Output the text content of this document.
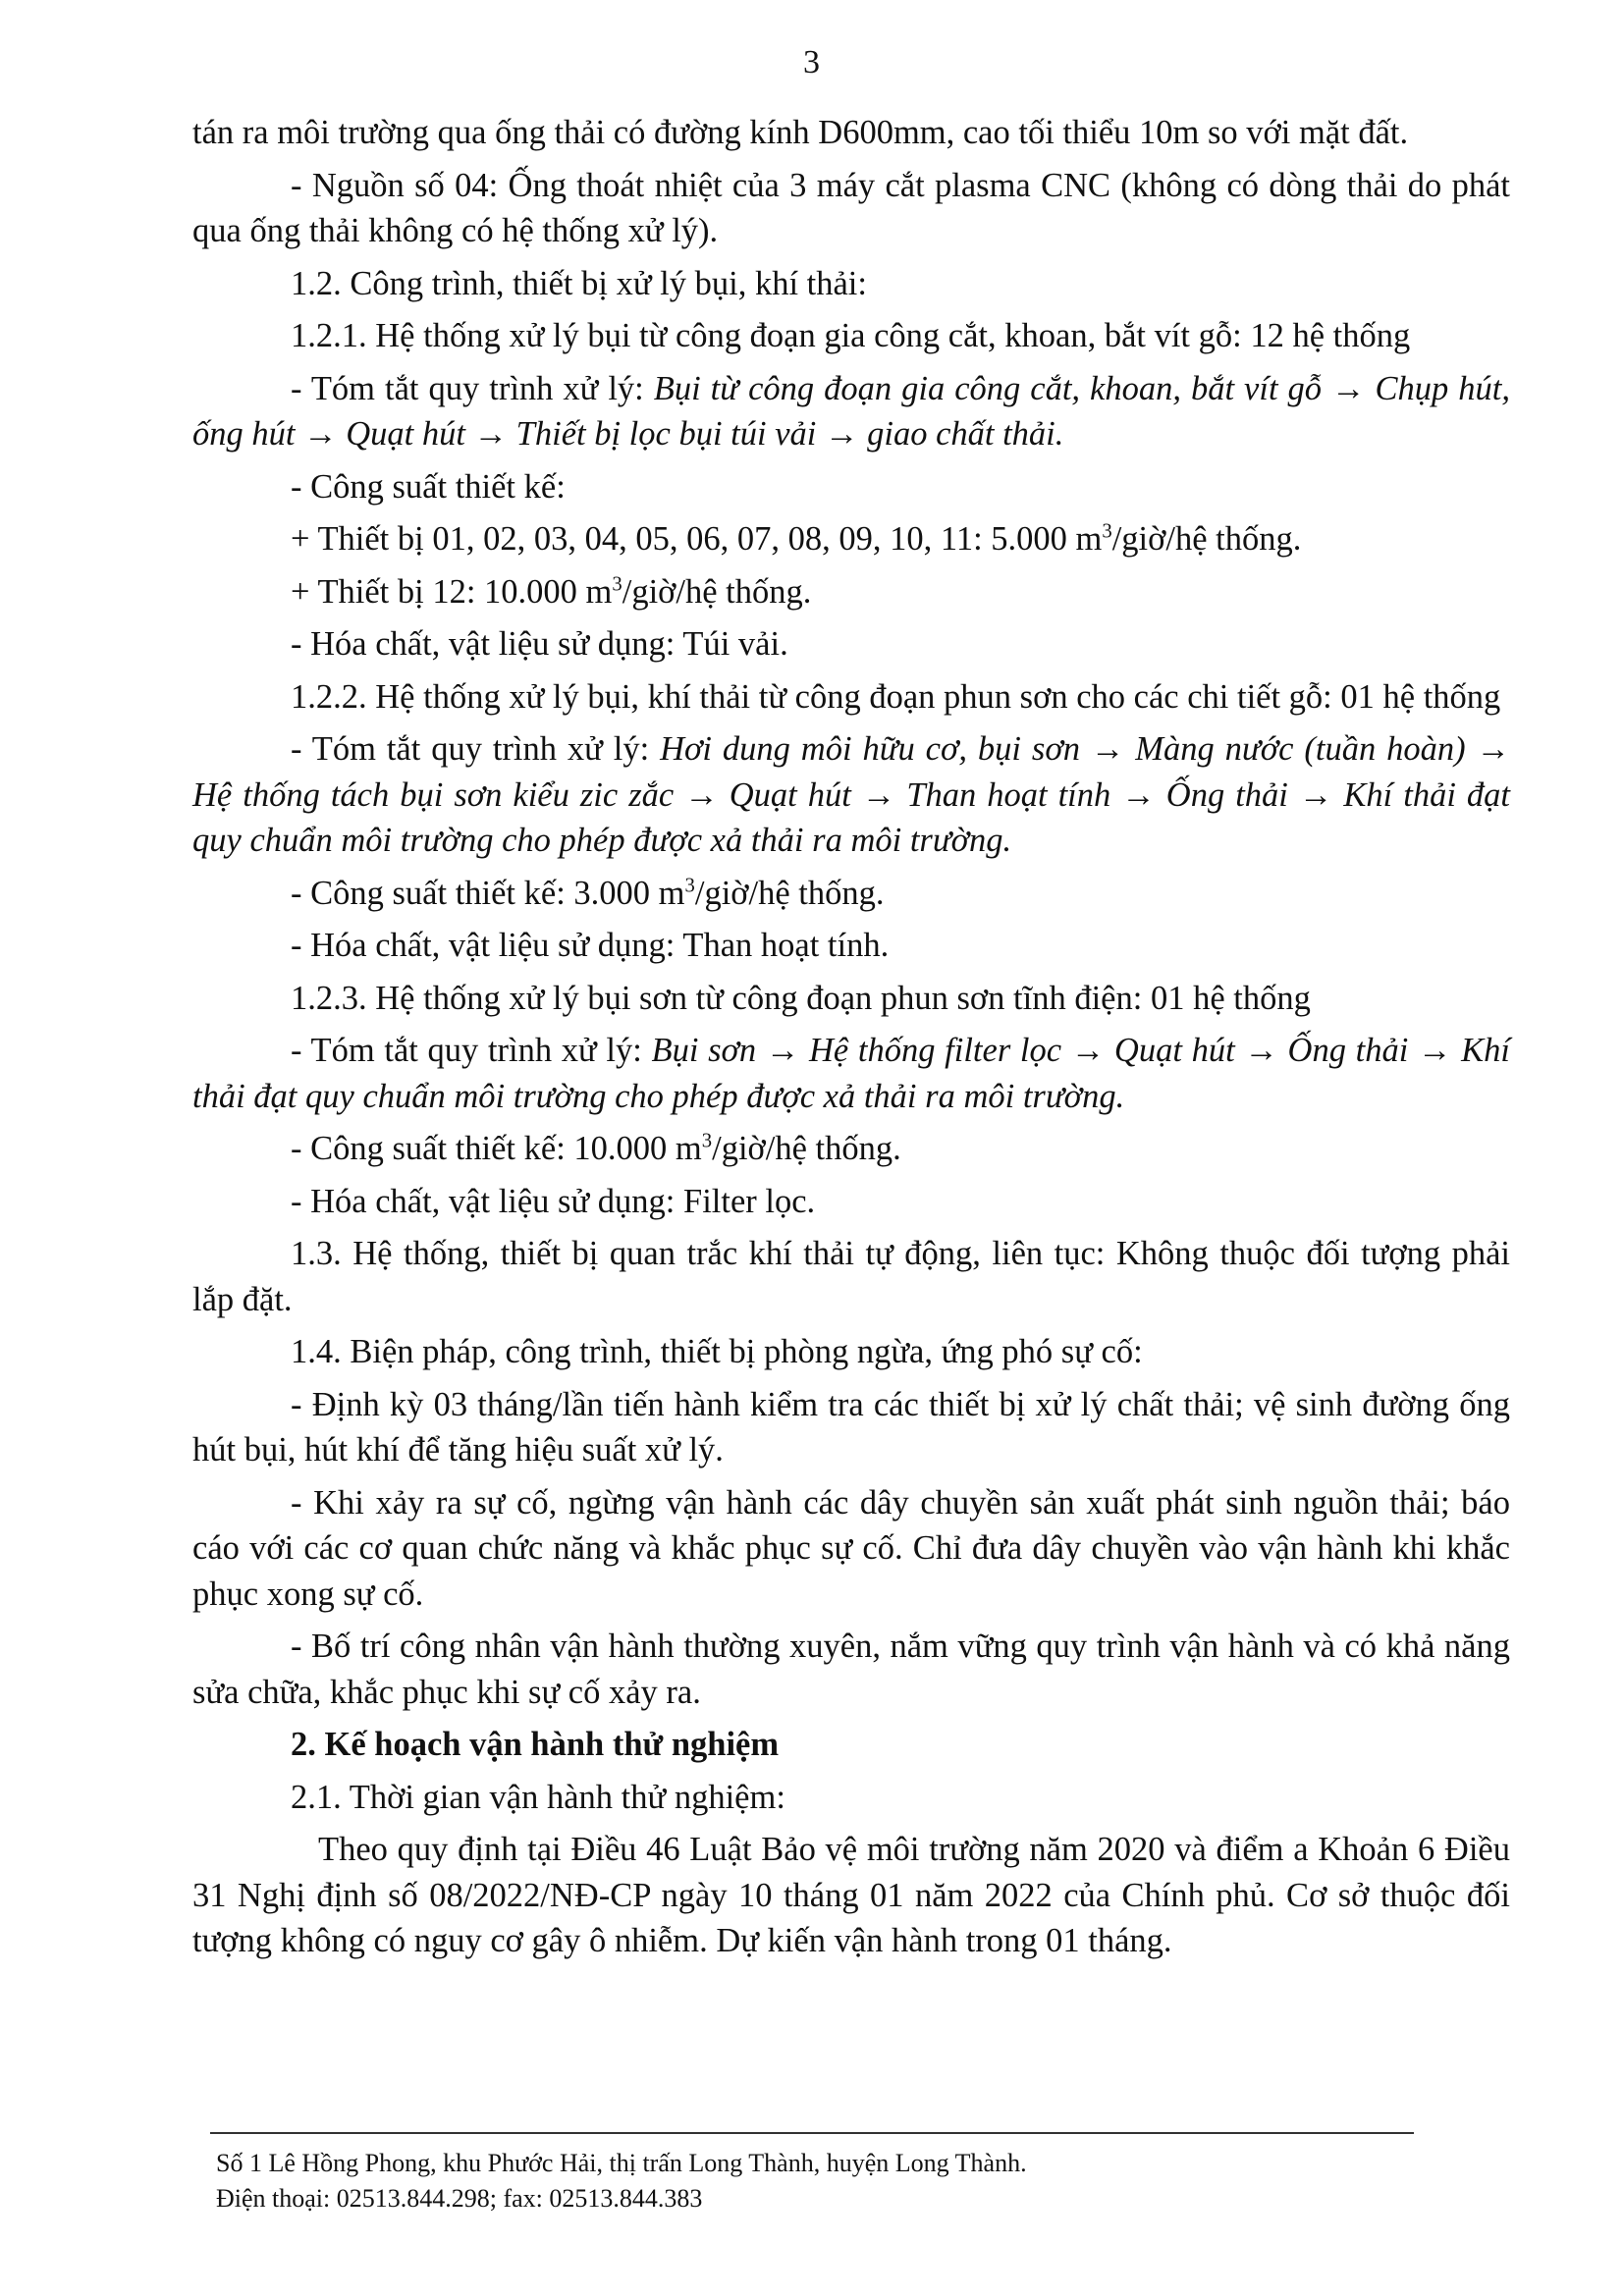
3

tán ra môi trường qua ống thải có đường kính D600mm, cao tối thiểu 10m so với mặt đất.

- Nguồn số 04: Ống thoát nhiệt của 3 máy cắt plasma CNC (không có dòng thải do phát qua ống thải không có hệ thống xử lý).

1.2. Công trình, thiết bị xử lý bụi, khí thải:

1.2.1. Hệ thống xử lý bụi từ công đoạn gia công cắt, khoan, bắt vít gỗ: 12 hệ thống

- Tóm tắt quy trình xử lý: Bụi từ công đoạn gia công cắt, khoan, bắt vít gỗ → Chụp hút, ống hút → Quạt hút → Thiết bị lọc bụi túi vải → giao chất thải.

- Công suất thiết kế:

+ Thiết bị 01, 02, 03, 04, 05, 06, 07, 08, 09, 10, 11: 5.000 $m^3/giờ/hệ$ thống.

+ Thiết bị 12: 10.000 $m^3/giờ/hệ$ thống.

- Hóa chất, vật liệu sử dụng: Túi vải.

1.2.2. Hệ thống xử lý bụi, khí thải từ công đoạn phun sơn cho các chi tiết gỗ: 01 hệ thống

- Tóm tắt quy trình xử lý: Hơi dung môi hữu cơ, bụi sơn → Màng nước (tuần hoàn) → Hệ thống tách bụi sơn kiểu zic zắc → Quạt hút → Than hoạt tính → Ống thải → Khí thải đạt quy chuẩn môi trường cho phép được xả thải ra môi trường.

- Công suất thiết kế: 3.000 $m^3/giờ/hệ$ thống.

- Hóa chất, vật liệu sử dụng: Than hoạt tính.

1.2.3. Hệ thống xử lý bụi sơn từ công đoạn phun sơn tĩnh điện: 01 hệ thống

- Tóm tắt quy trình xử lý: Bụi sơn → Hệ thống filter lọc → Quạt hút → Ống thải → Khí thải đạt quy chuẩn môi trường cho phép được xả thải ra môi trường.

- Công suất thiết kế: 10.000 $m^3/giờ/hệ$ thống.

- Hóa chất, vật liệu sử dụng: Filter lọc.

1.3. Hệ thống, thiết bị quan trắc khí thải tự động, liên tục: Không thuộc đối tượng phải lắp đặt.

1.4. Biện pháp, công trình, thiết bị phòng ngừa, ứng phó sự cố:

- Định kỳ 03 tháng/lần tiến hành kiểm tra các thiết bị xử lý chất thải; vệ sinh đường ống hút bụi, hút khí để tăng hiệu suất xử lý.

- Khi xảy ra sự cố, ngừng vận hành các dây chuyền sản xuất phát sinh nguồn thải; báo cáo với các cơ quan chức năng và khắc phục sự cố. Chỉ đưa dây chuyền vào vận hành khi khắc phục xong sự cố.

- Bố trí công nhân vận hành thường xuyên, nắm vững quy trình vận hành và có khả năng sửa chữa, khắc phục khi sự cố xảy ra.

2. Kế hoạch vận hành thử nghiệm

2.1. Thời gian vận hành thử nghiệm:

Theo quy định tại Điều 46 Luật Bảo vệ môi trường năm 2020 và điểm a Khoản 6 Điều 31 Nghị định số 08/2022/NĐ-CP ngày 10 tháng 01 năm 2022 của Chính phủ. Cơ sở thuộc đối tượng không có nguy cơ gây ô nhiễm. Dự kiến vận hành trong 01 tháng.

Số 1 Lê Hồng Phong, khu Phước Hải, thị trấn Long Thành, huyện Long Thành.
Điện thoại: 02513.844.298; fax: 02513.844.383
